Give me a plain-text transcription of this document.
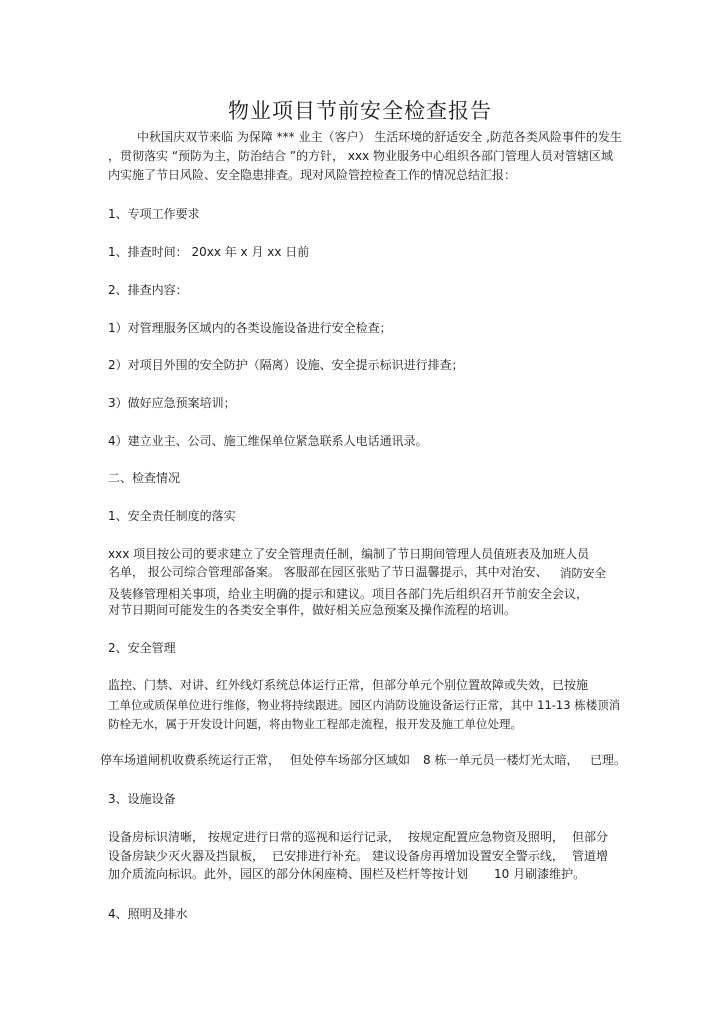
物业项目节前安全检查报告
中秋国庆双节来临 为保障 *** 业主（客户） 生活环境的舒适安全 ,防范各类风险事件的发生
，贯彻落实 “预防为主，防治结合 ”的方针， xxx 物业服务中心组织各部门管理人员对管辖区域
内实施了节日风险、安全隐患排查。现对风险管控检查工作的情况总结汇报：
1、专项工作要求
1、排查时间： 20xx 年 x 月 xx 日前
2、排查内容：
1）对管理服务区域内的各类设施设备进行安全检查；
2）对项目外围的安全防护（隔离）设施、安全提示标识进行排查；
3）做好应急预案培训；
4）建立业主、公司、施工维保单位紧急联系人电话通讯录。
二、检查情况
1、安全责任制度的落实
xxx 项目按公司的要求建立了安全管理责任制，编制了节日期间管理人员值班表及加班人员
名单， 报公司综合管理部备案。 客服部在园区张贴了节日温馨提示，其中对治安、 消防安全
及装修管理相关事项，给业主明确的提示和建议。项目各部门先后组织召开节前安全会议，
对节日期间可能发生的各类安全事件，做好相关应急预案及操作流程的培训。
2、安全管理
监控、门禁、对讲、红外线灯系统总体运行正常，但部分单元个别位置故障或失效，已按施
工单位或质保单位进行维修，物业将持续跟进。园区内消防设施设备运行正常，其中 11-13 栋楼顶消
防栓无水，属于开发设计问题，将由物业工程部走流程，报开发及施工单位处理。
停车场道闸机收费系统运行正常， 但处停车场部分区域如 8 栋一单元员一楼灯光太暗， 已理。
3、设施设备
设备房标识清晰， 按规定进行日常的巡视和运行记录， 按规定配置应急物资及照明， 但部分
设备房缺少灭火器及挡鼠板， 已安排进行补充。 建议设备房再增加设置安全警示线， 管道增
加介质流向标识。此外，园区的部分休闲座椅、围栏及栏杆等按计划 10 月刷漆维护。
4、照明及排水
